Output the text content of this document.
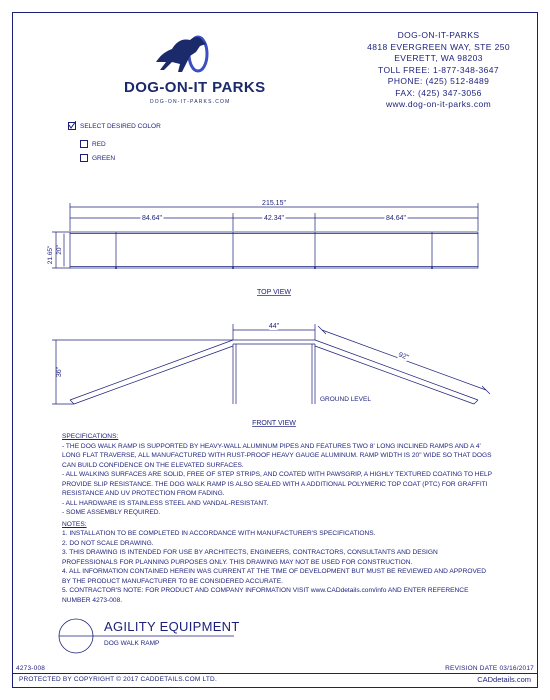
DOG-ON-IT PARKS
DOG-ON-IT-PARKS.COM
DOG-ON-IT-PARKS
4818 EVERGREEN WAY, STE 250
EVERETT, WA 98203
TOLL FREE: 1-877-348-3647
PHONE: (425) 512-8489
FAX: (425) 347-3056
www.dog-on-it-parks.com
SELECT DESIRED COLOR
RED
GREEN
215.15"
84.64"	42.34"	84.64"
21.65" 20"
TOP VIEW
44"
92"
36"
GROUND LEVEL
FRONT VIEW
SPECIFICATIONS:
- THE DOG WALK RAMP IS SUPPORTED BY HEAVY-WALL ALUMINUM PIPES AND FEATURES TWO 8' LONG INCLINED RAMPS AND A 4' LONG FLAT TRAVERSE, ALL MANUFACTURED WITH RUST-PROOF HEAVY GAUGE ALUMINUM. RAMP WIDTH IS 20" WIDE SO THAT DOGS CAN BUILD CONFIDENCE ON THE ELEVATED SURFACES.
- ALL WALKING SURFACES ARE SOLID, FREE OF STEP STRIPS, AND COATED WITH PAWSGRIP, A HIGHLY TEXTURED COATING TO HELP PROVIDE SLIP RESISTANCE. THE DOG WALK RAMP IS ALSO SEALED WITH A ADDITIONAL POLYMERIC TOP COAT (PTC) FOR GRAFFITI RESISTANCE AND UV PROTECTION FROM FADING.
- ALL HARDWARE IS STAINLESS STEEL AND VANDAL-RESISTANT.
- SOME ASSEMBLY REQUIRED.
NOTES:
1. INSTALLATION TO BE COMPLETED IN ACCORDANCE WITH MANUFACTURER'S SPECIFICATIONS.
2. DO NOT SCALE DRAWING.
3. THIS DRAWING IS INTENDED FOR USE BY ARCHITECTS, ENGINEERS, CONTRACTORS, CONSULTANTS AND DESIGN PROFESSIONALS FOR PLANNING PURPOSES ONLY. THIS DRAWING MAY NOT BE USED FOR CONSTRUCTION.
4. ALL INFORMATION CONTAINED HEREIN WAS CURRENT AT THE TIME OF DEVELOPMENT BUT MUST BE REVIEWED AND APPROVED BY THE PRODUCT MANUFACTURER TO BE CONSIDERED ACCURATE.
5. CONTRACTOR'S NOTE: FOR PRODUCT AND COMPANY INFORMATION VISIT www.CADdetails.com/info AND ENTER REFERENCE NUMBER 4273-008.
AGILITY EQUIPMENT
DOG WALK RAMP
4273-008	REVISION DATE 03/16/2017
PROTECTED BY COPYRIGHT © 2017 CADDETAILS.COM LTD.	CADdetails.com
